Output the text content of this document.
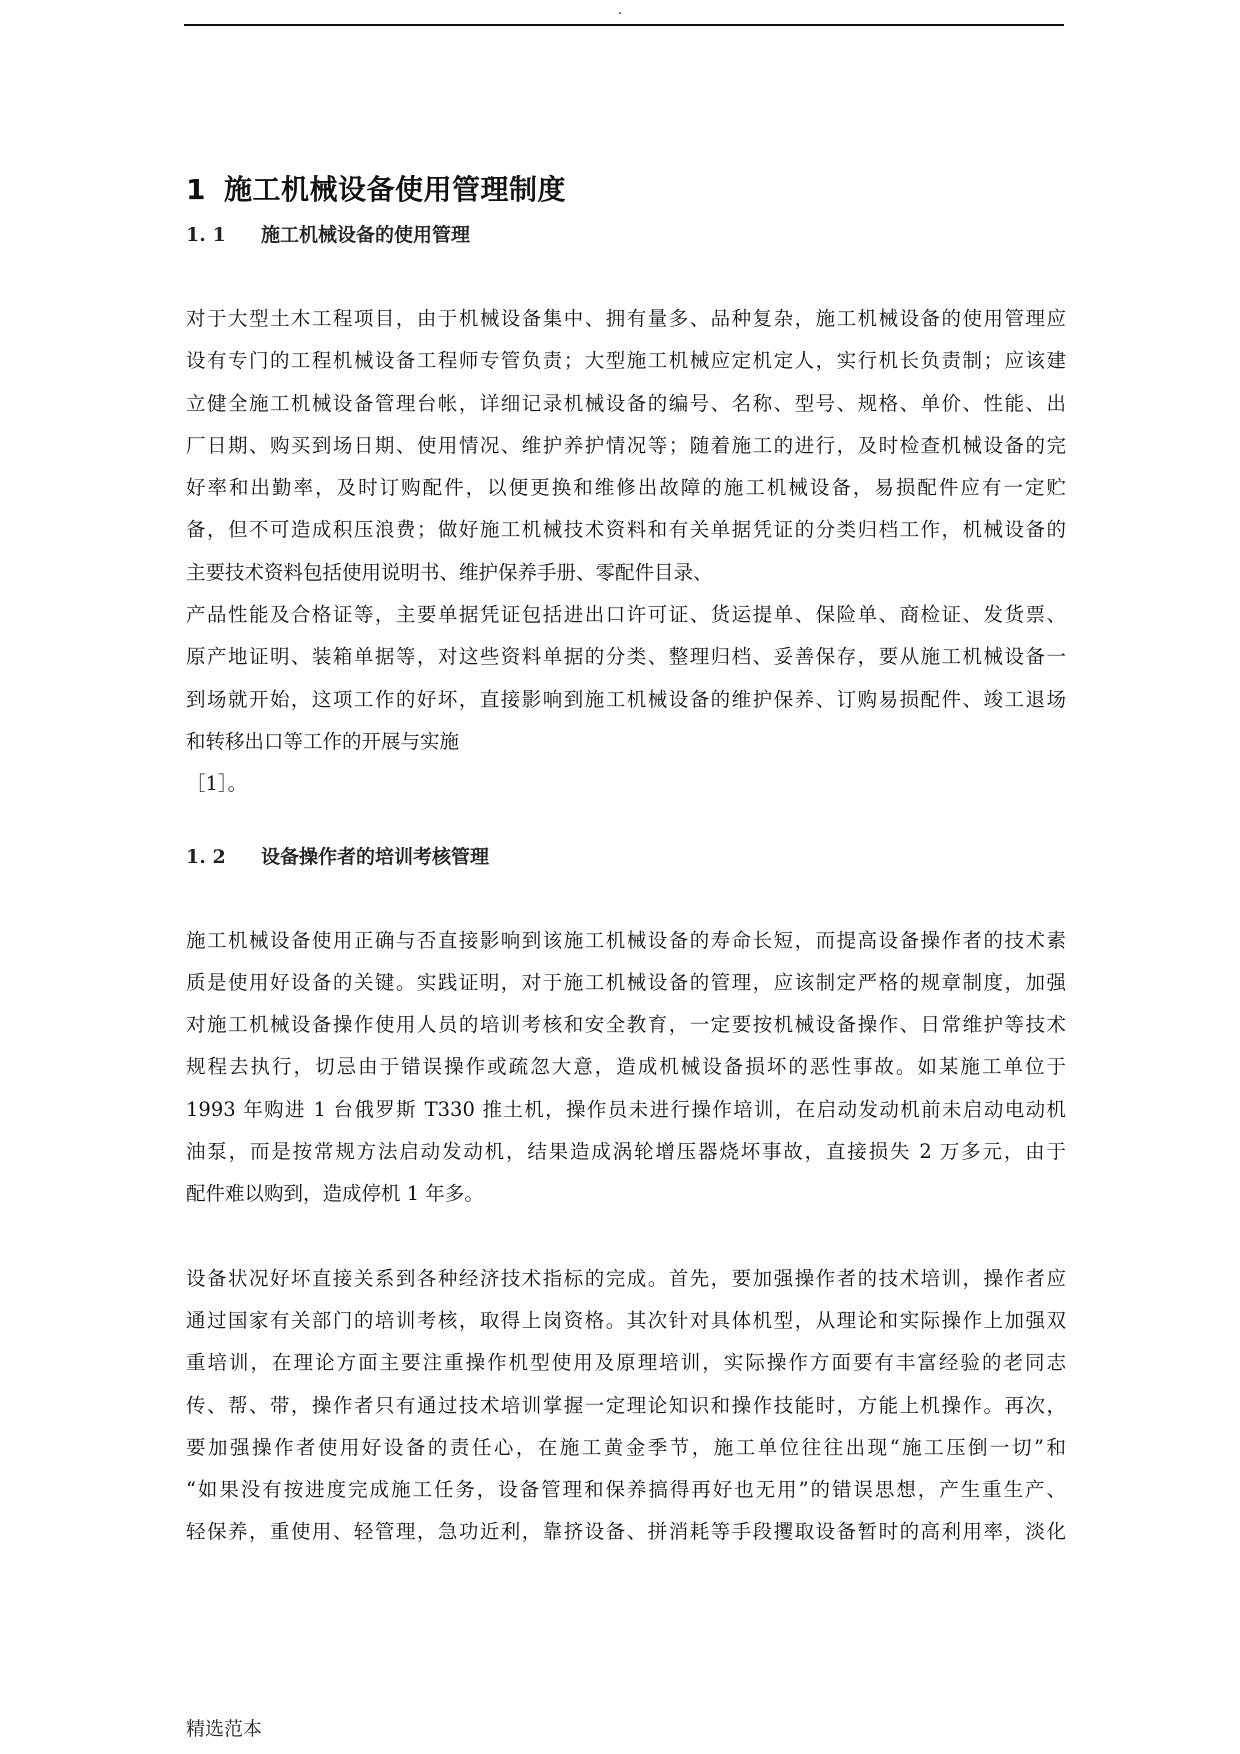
.
1 施工机械设备使用管理制度
1. 1 施工机械设备的使用管理
对于大型土木工程项目，由于机械设备集中、拥有量多、品种复杂，施工机械设备的使用管理应
设有专门的工程机械设备工程师专管负责；大型施工机械应定机定人，实行机长负责制；应该建
立健全施工机械设备管理台帐，详细记录机械设备的编号、名称、型号、规格、单价、性能、出
厂日期、购买到场日期、使用情况、维护养护情况等；随着施工的进行，及时检查机械设备的完
好率和出勤率，及时订购配件，以便更换和维修出故障的施工机械设备，易损配件应有一定贮
备，但不可造成积压浪费；做好施工机械技术资料和有关单据凭证的分类归档工作，机械设备的
主要技术资料包括使用说明书、维护保养手册、零配件目录、
产品性能及合格证等，主要单据凭证包括进出口许可证、货运提单、保险单、商检证、发货票、
原产地证明、装箱单据等，对这些资料单据的分类、整理归档、妥善保存，要从施工机械设备一
到场就开始，这项工作的好坏，直接影响到施工机械设备的维护保养、订购易损配件、竣工退场
和转移出口等工作的开展与实施
［1］。
1. 2 设备操作者的培训考核管理
施工机械设备使用正确与否直接影响到该施工机械设备的寿命长短，而提高设备操作者的技术素
质是使用好设备的关键。实践证明，对于施工机械设备的管理，应该制定严格的规章制度，加强
对施工机械设备操作使用人员的培训考核和安全教育，一定要按机械设备操作、日常维护等技术
规程去执行，切忌由于错误操作或疏忽大意，造成机械设备损坏的恶性事故。如某施工单位于
1993 年购进 1 台俄罗斯 T330 推土机，操作员未进行操作培训，在启动发动机前未启动电动机
油泵，而是按常规方法启动发动机，结果造成涡轮增压器烧坏事故，直接损失 2 万多元，由于
配件难以购到，造成停机 1 年多。
设备状况好坏直接关系到各种经济技术指标的完成。首先，要加强操作者的技术培训，操作者应
通过国家有关部门的培训考核，取得上岗资格。其次针对具体机型，从理论和实际操作上加强双
重培训，在理论方面主要注重操作机型使用及原理培训，实际操作方面要有丰富经验的老同志
传、帮、带，操作者只有通过技术培训掌握一定理论知识和操作技能时，方能上机操作。再次，
要加强操作者使用好设备的责任心，在施工黄金季节，施工单位往往出现“施工压倒一切”和
“如果没有按进度完成施工任务，设备管理和保养搞得再好也无用”的错误思想，产生重生产、
轻保养，重使用、轻管理，急功近利，靠挤设备、拼消耗等手段攫取设备暂时的高利用率，淡化
精选范本
